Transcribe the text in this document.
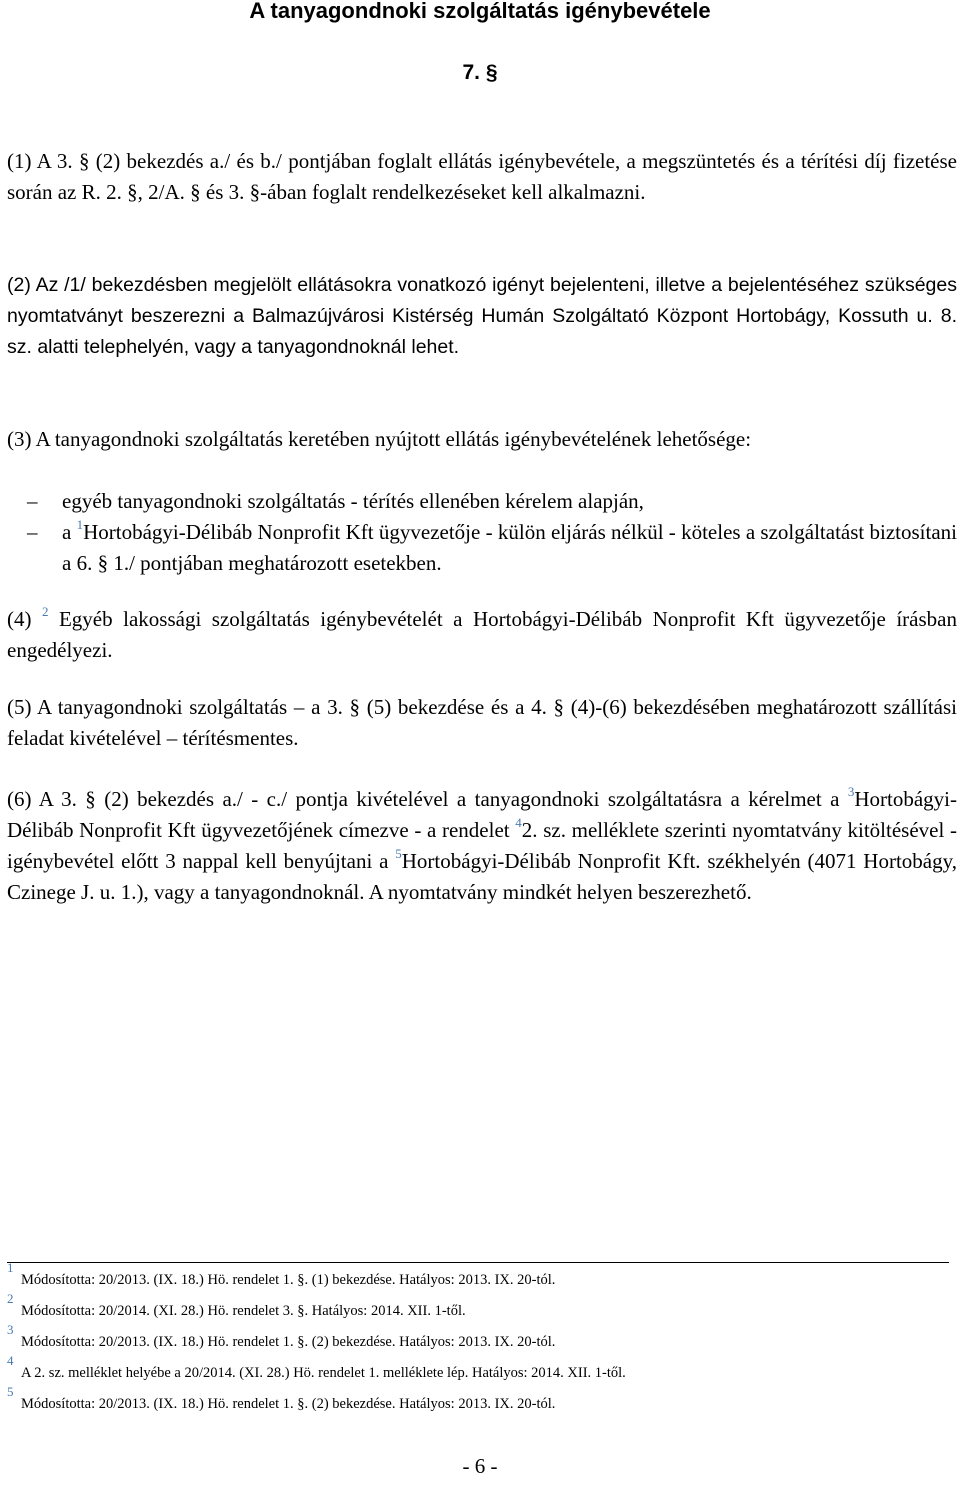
A tanyagondnoki szolgáltatás igénybevétele
7. §

(1) A 3. § (2) bekezdés a./ és b./ pontjában foglalt ellátás igénybevétele, a megszüntetés és a térítési díj fizetése során az R. 2. §, 2/A. § és 3. §-ában foglalt rendelkezéseket kell alkalmazni.

(2) Az /1/ bekezdésben megjelölt ellátásokra vonatkozó igényt bejelenteni, illetve a bejelentéséhez szükséges nyomtatványt beszerezni a Balmazújvárosi Kistérség Humán Szolgáltató Központ Hortobágy, Kossuth u. 8. sz. alatti telephelyén, vagy a tanyagondnoknál lehet.

(3) A tanyagondnoki szolgáltatás keretében nyújtott ellátás igénybevételének lehetősége:

– egyéb tanyagondnoki szolgáltatás - térítés ellenében kérelem alapján,
– a $^1$Hortobágyi-Délibáb Nonprofit Kft ügyvezetője - külön eljárás nélkül - köteles a szolgáltatást biztosítani a 6. § 1./ pontjában meghatározott esetekben.

(4) $^2$ Egyéb lakossági szolgáltatás igénybevételét a Hortobágyi-Délibáb Nonprofit Kft ügyvezetője írásban engedélyezi.

(5) A tanyagondnoki szolgáltatás – a 3. § (5) bekezdése és a 4. § (4)-(6) bekezdésében meghatározott szállítási feladat kivételével – térítésmentes.

(6) A 3. § (2) bekezdés a./ - c./ pontja kivételével a tanyagondnoki szolgáltatásra a kérelmet a $^3$Hortobágyi-Délibáb Nonprofit Kft ügyvezetőjének címezve - a rendelet $^4$2. sz. melléklete szerinti nyomtatvány kitöltésével - igénybevétel előtt 3 nappal kell benyújtani a $^5$Hortobágyi-Délibáb Nonprofit Kft. székhelyén (4071 Hortobágy, Czinege J. u. 1.), vagy a tanyagondnoknál. A nyomtatvány mindkét helyen beszerezhető.

1
Módosította: 20/2013. (IX. 18.) Hö. rendelet 1. §. (1) bekezdése. Hatályos: 2013. IX. 20-tól.
2
Módosította: 20/2014. (XI. 28.) Hö. rendelet 3. §. Hatályos: 2014. XII. 1-től.
3
Módosította: 20/2013. (IX. 18.) Hö. rendelet 1. §. (2) bekezdése. Hatályos: 2013. IX. 20-tól.
4
A 2. sz. melléklet helyébe a 20/2014. (XI. 28.) Hö. rendelet 1. melléklete lép. Hatályos: 2014. XII. 1-től.
5
Módosította: 20/2013. (IX. 18.) Hö. rendelet 1. §. (2) bekezdése. Hatályos: 2013. IX. 20-tól.
- 6 -
